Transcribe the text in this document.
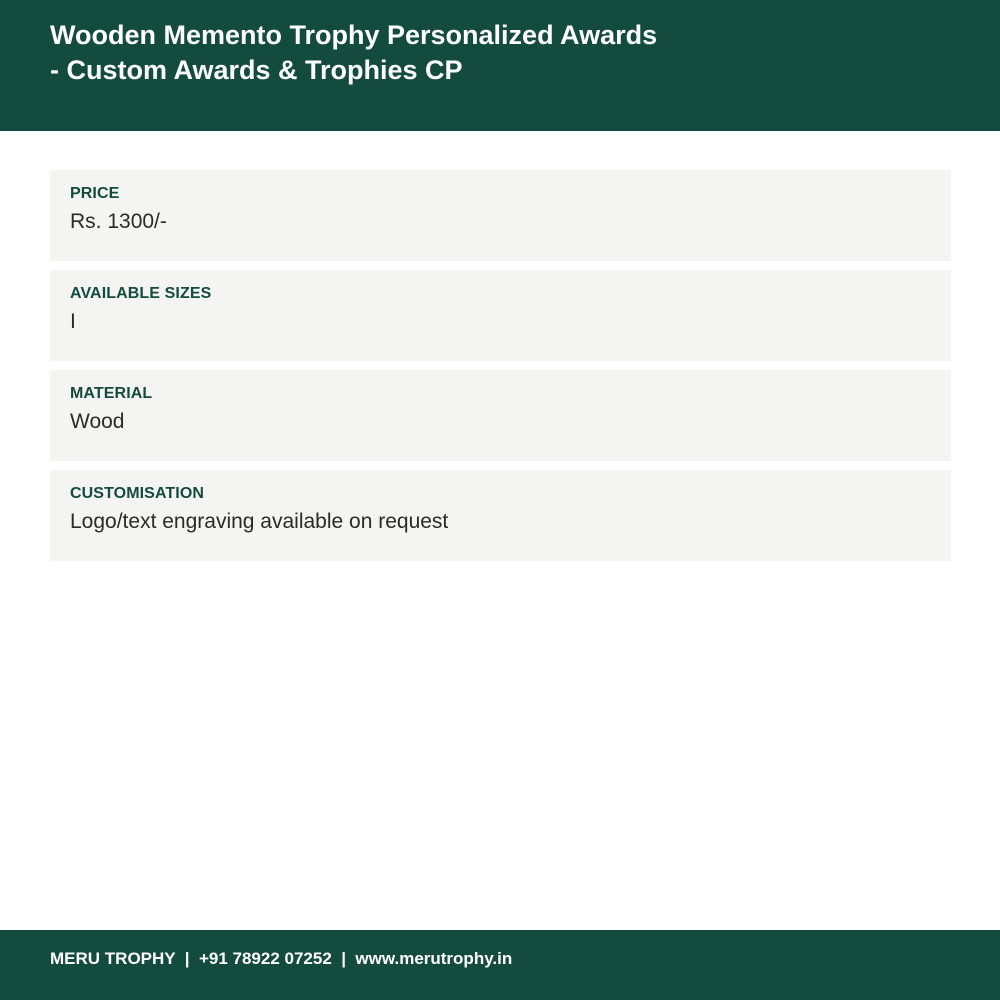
Wooden Memento Trophy Personalized Awards - Custom Awards & Trophies CP
PRICE
Rs. 1300/-
AVAILABLE SIZES
I
MATERIAL
Wood
CUSTOMISATION
Logo/text engraving available on request
MERU TROPHY  |  +91 78922 07252  |  www.merutrophy.in
